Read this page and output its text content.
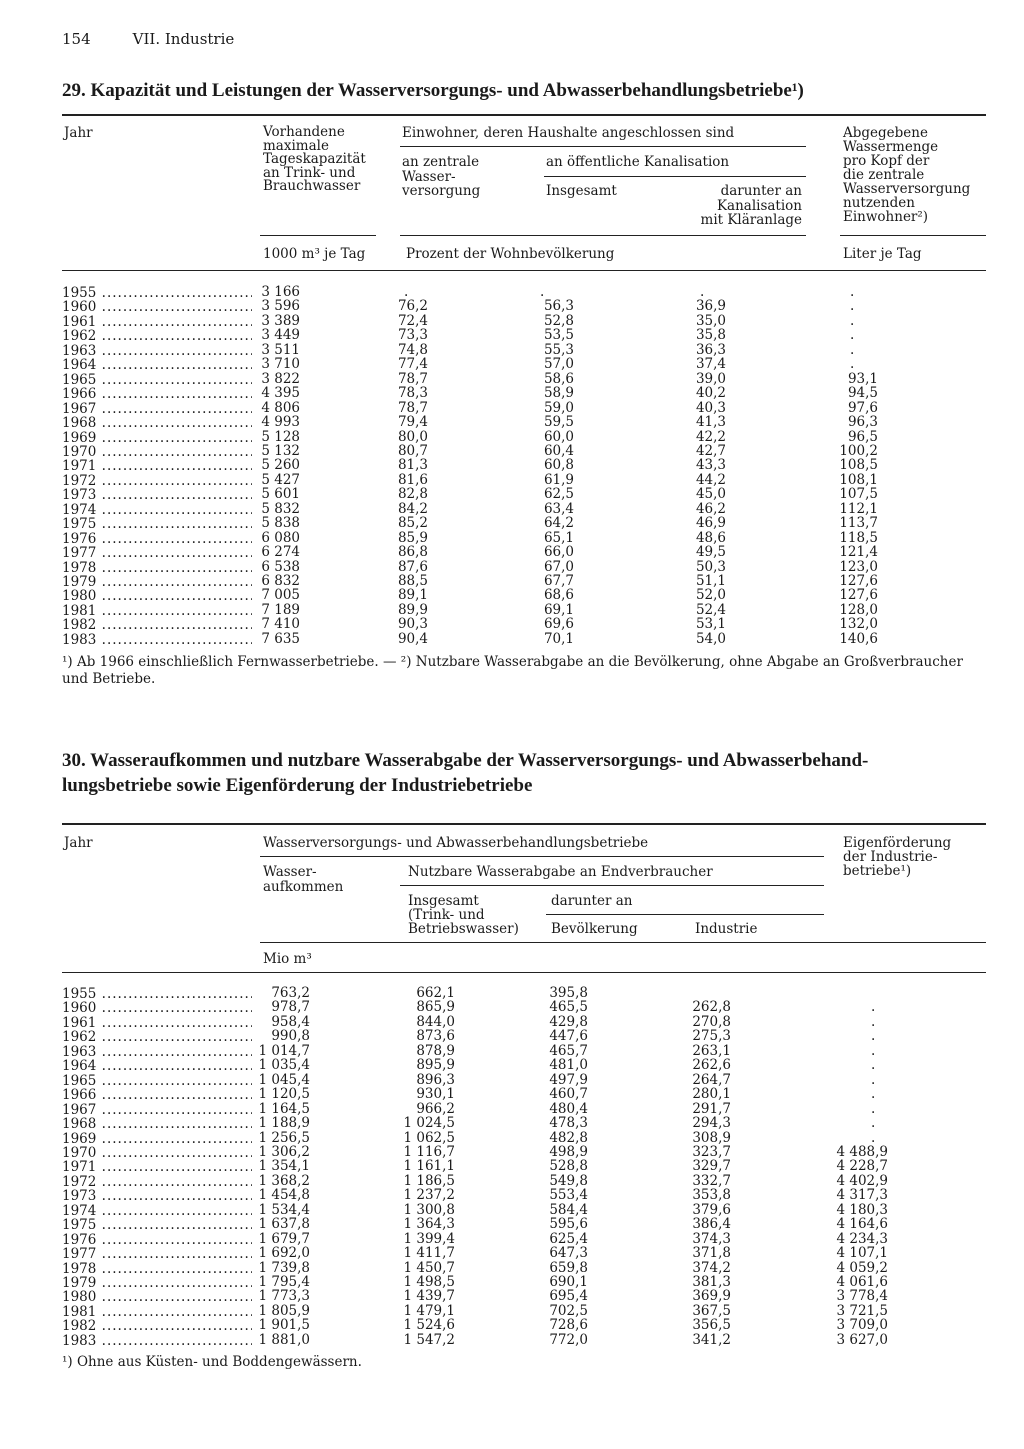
154	VII. Industrie
29. Kapazität und Leistungen der Wasserversorgungs- und Abwasserbehandlungsbetriebe¹)
Jahr	Vorhandene
maximale
Tageskapazität
an Trink- und
Brauchwasser
Einwohner, deren Haushalte angeschlossen sind
an zentrale
Wasser-
versorgung
an öffentliche Kanalisation
Insgesamt	darunter an
Kanalisation
mit Kläranlage
Abgegebene
Wassermenge
pro Kopf der
die zentrale
Wasserversorgung
nutzenden
Einwohner²)
1000 m³ je Tag	Prozent der Wohnbevölkerung	Liter je Tag
1955 .....	3 166	.	.	.	.
1960 .....	3 596	76,2	56,3	36,9	.
1961 .....	3 389	72,4	52,8	35,0	.
1962 .....	3 449	73,3	53,5	35,8	.
1963 .....	3 511	74,8	55,3	36,3	.
1964 .....	3 710	77,4	57,0	37,4	.
1965 .....	3 822	78,7	58,6	39,0	93,1
1966 .....	4 395	78,3	58,9	40,2	94,5
1967 .....	4 806	78,7	59,0	40,3	97,6
1968 .....	4 993	79,4	59,5	41,3	96,3
1969 .....	5 128	80,0	60,0	42,2	96,5
1970 .....	5 132	80,7	60,4	42,7	100,2
1971 .....	5 260	81,3	60,8	43,3	108,5
1972 .....	5 427	81,6	61,9	44,2	108,1
1973 .....	5 601	82,8	62,5	45,0	107,5
1974 .....	5 832	84,2	63,4	46,2	112,1
1975 .....	5 838	85,2	64,2	46,9	113,7
1976 .....	6 080	85,9	65,1	48,6	118,5
1977 .....	6 274	86,8	66,0	49,5	121,4
1978 .....	6 538	87,6	67,0	50,3	123,0
1979 .....	6 832	88,5	67,7	51,1	127,6
1980 .....	7 005	89,1	68,6	52,0	127,6
1981 .....	7 189	89,9	69,1	52,4	128,0
1982 .....	7 410	90,3	69,6	53,1	132,0
1983 .....	7 635	90,4	70,1	54,0	140,6
¹) Ab 1966 einschließlich Fernwasserbetriebe. — ²) Nutzbare Wasserabgabe an die Bevölkerung, ohne Abgabe an Großverbraucher
und Betriebe.
30. Wasseraufkommen und nutzbare Wasserabgabe der Wasserversorgungs- und Abwasserbehand-
lungsbetriebe sowie Eigenförderung der Industriebetriebe
Jahr	Wasserversorgungs- und Abwasserbehandlungsbetriebe
Wasser-
aufkommen
Nutzbare Wasserabgabe an Endverbraucher
Insgesamt
(Trink- und
Betriebswasser)
darunter an
Bevölkerung	Industrie
Eigenförderung
der Industrie-
betriebe¹)
Mio m³
1955 .....	763,2	662,1	395,8
1960 .....	978,7	865,9	465,5	262,8	.
1961 .....	958,4	844,0	429,8	270,8	.
1962 .....	990,8	873,6	447,6	275,3	.
1963 .....	1 014,7	878,9	465,7	263,1	.
1964 .....	1 035,4	895,9	481,0	262,6	.
1965 .....	1 045,4	896,3	497,9	264,7	.
1966 .....	1 120,5	930,1	460,7	280,1	.
1967 .....	1 164,5	966,2	480,4	291,7	.
1968 .....	1 188,9	1 024,5	478,3	294,3	.
1969 .....	1 256,5	1 062,5	482,8	308,9	.
1970 .....	1 306,2	1 116,7	498,9	323,7	4 488,9
1971 .....	1 354,1	1 161,1	528,8	329,7	4 228,7
1972 .....	1 368,2	1 186,5	549,8	332,7	4 402,9
1973 .....	1 454,8	1 237,2	553,4	353,8	4 317,3
1974 .....	1 534,4	1 300,8	584,4	379,6	4 180,3
1975 .....	1 637,8	1 364,3	595,6	386,4	4 164,6
1976 .....	1 679,7	1 399,4	625,4	374,3	4 234,3
1977 .....	1 692,0	1 411,7	647,3	371,8	4 107,1
1978 .....	1 739,8	1 450,7	659,8	374,2	4 059,2
1979 .....	1 795,4	1 498,5	690,1	381,3	4 061,6
1980 .....	1 773,3	1 439,7	695,4	369,9	3 778,4
1981 .....	1 805,9	1 479,1	702,5	367,5	3 721,5
1982 .....	1 901,5	1 524,6	728,6	356,5	3 709,0
1983 .....	1 881,0	1 547,2	772,0	341,2	3 627,0
¹) Ohne aus Küsten- und Boddengewässern.
